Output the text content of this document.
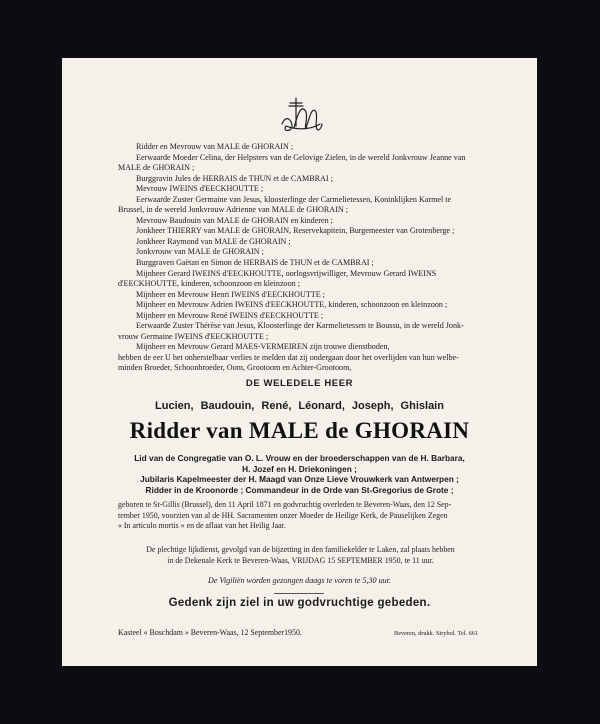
Ridder en Mevrouw van MALE de GHORAIN ;
Eerwaarde Moeder Celina, der Helpsters van de Gelovige Zielen, in de wereld Jonkvrouw Jeanne van
MALE de GHORAIN ;
Burggravin Jules de HERBAIS de THUN et de CAMBRAI ;
Mevrouw IWEINS d'EECKHOUTTE ;
Eerwaarde Zuster Germaine van Jesus, kloosterlinge der Carmelietessen, Koninklijken Karmel te
Brussel, in de wereld Jonkvrouw Adrienne van MALE de GHORAIN ;
Mevrouw Baudouin van MALE de GHORAIN en kinderen ;
Jonkheer THIERRY van MALE de GHORAIN, Reservekapitein, Burgemeester van Grotenberge ;
Jonkheer Raymond van MALE de GHORAIN ;
Jonkvrouw van MALE de GHORAIN ;
Burggraven Gaëtan en Simon de HERBAIS de THUN et de CAMBRAI ;
Mijnheer Gerard IWEINS d'EECKHOUTTE, oorlogsvrijwilliger, Mevrouw Gerard IWEINS
d'EECKHOUTTE, kinderen, schoonzoon en kleinzoon ;
Mijnheer en Mevrouw Henri IWEINS d'EECKHOUTTE ;
Mijnheer en Mevrouw Adrien IWEINS d'EECKHOUTTE, kinderen, schoonzoon en kleinzoon ;
Mijnheer en Mevrouw René IWEINS d'EECKHOUTTE ;
Eerwaarde Zuster Thérèse van Jesus, Kloosterlinge der Karmelietessen te Boussu, in de wereld Jonk-
vrouw Germaine IWEINS d'EECKHOUTTE ;
Mijnheer en Mevrouw Gerard MAES-VERMEIREN zijn trouwe dienstboden,
hebben de eer U het onherstelbaar verlies te melden dat zij ondergaan door het overlijden van hun welbe-
minden Broeder, Schoonbroeder, Oom, Grootoom en Achter-Grootoom,
DE WELEDELE HEER
Lucien, Baudouin, René, Léonard, Joseph, Ghislain
Ridder van MALE de GHORAIN
Lid van de Congregatie van O. L. Vrouw en der broederschappen van de H. Barbara,
H. Jozef en H. Driekoningen ;
Jubilaris Kapelmeester der H. Maagd van Onze Lieve Vrouwkerk van Antwerpen ;
Ridder in de Kroonorde ; Commandeur in de Orde van St-Gregorius de Grote ;
geboren te St-Gillis (Brussel), den 11 April 1871 en godvruchtig overleden te Beveren-Waas, den 12 Sep-
tember 1950, voorzien van al de HH. Sacramenten onzer Moeder de Heilige Kerk, de Pauselijken Zegen
« In articulo mortis » en de aflaat van het Heilig Jaar.
De plechtige lijkdienst, gevolgd van de bijzetting in den familiekelder te Laken, zal plaats hebben
in de Dekenale Kerk te Beveren-Waas, VRIJDAG 15 SEPTEMBER 1950, te 11 uur.
De Vigiliën worden gezongen daags te voren te 5,30 uur.
Gedenk zijn ziel in uw godvruchtige gebeden.
Kasteel « Boschdam » Beveren-Waas, 12 September1950.	Beveren, drukk. Strybol. Tel. 661
